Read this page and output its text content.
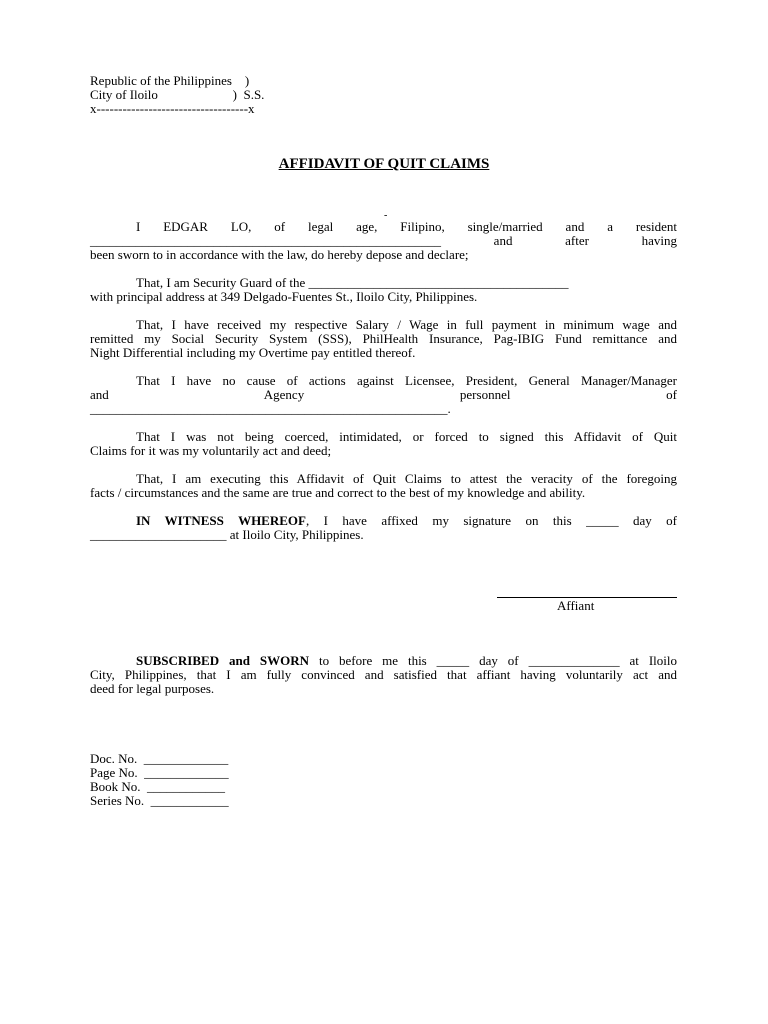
Republic of the Philippines    )
City of Iloilo                       )  S.S.
x-----------------------------------x
AFFIDAVIT OF QUIT CLAIMS
-
I EDGAR LO, of legal age, Filipino, single/married and a resident
______________________________________________________ and after having
been sworn to in accordance with the law, do hereby depose and declare;
That, I am Security Guard of the ________________________________________
with principal address at 349 Delgado-Fuentes St., Iloilo City, Philippines.
That, I have received my respective Salary / Wage in full payment in minimum wage and
remitted my Social Security System (SSS), PhilHealth Insurance, Pag-IBIG Fund remittance and
Night Differential including my Overtime pay entitled thereof.
That I have no cause of actions against Licensee, President, General Manager/Manager
and Agency personnel of
_______________________________________________________.
That I was not being coerced, intimidated, or forced to signed this Affidavit of Quit
Claims for it was my voluntarily act and deed;
That, I am executing this Affidavit of Quit Claims to attest the veracity of the foregoing
facts / circumstances and the same are true and correct to the best of my knowledge and ability.
IN WITNESS WHEREOF, I have affixed my signature on this _____ day of
_____________________ at Iloilo City, Philippines.
Affiant
SUBSCRIBED and SWORN to before me this _____ day of ______________ at Iloilo
City, Philippines, that I am fully convinced and satisfied that affiant having voluntarily act and
deed for legal purposes.
Doc. No.  _____________
Page No.  _____________
Book No.  ____________
Series No.  ____________
